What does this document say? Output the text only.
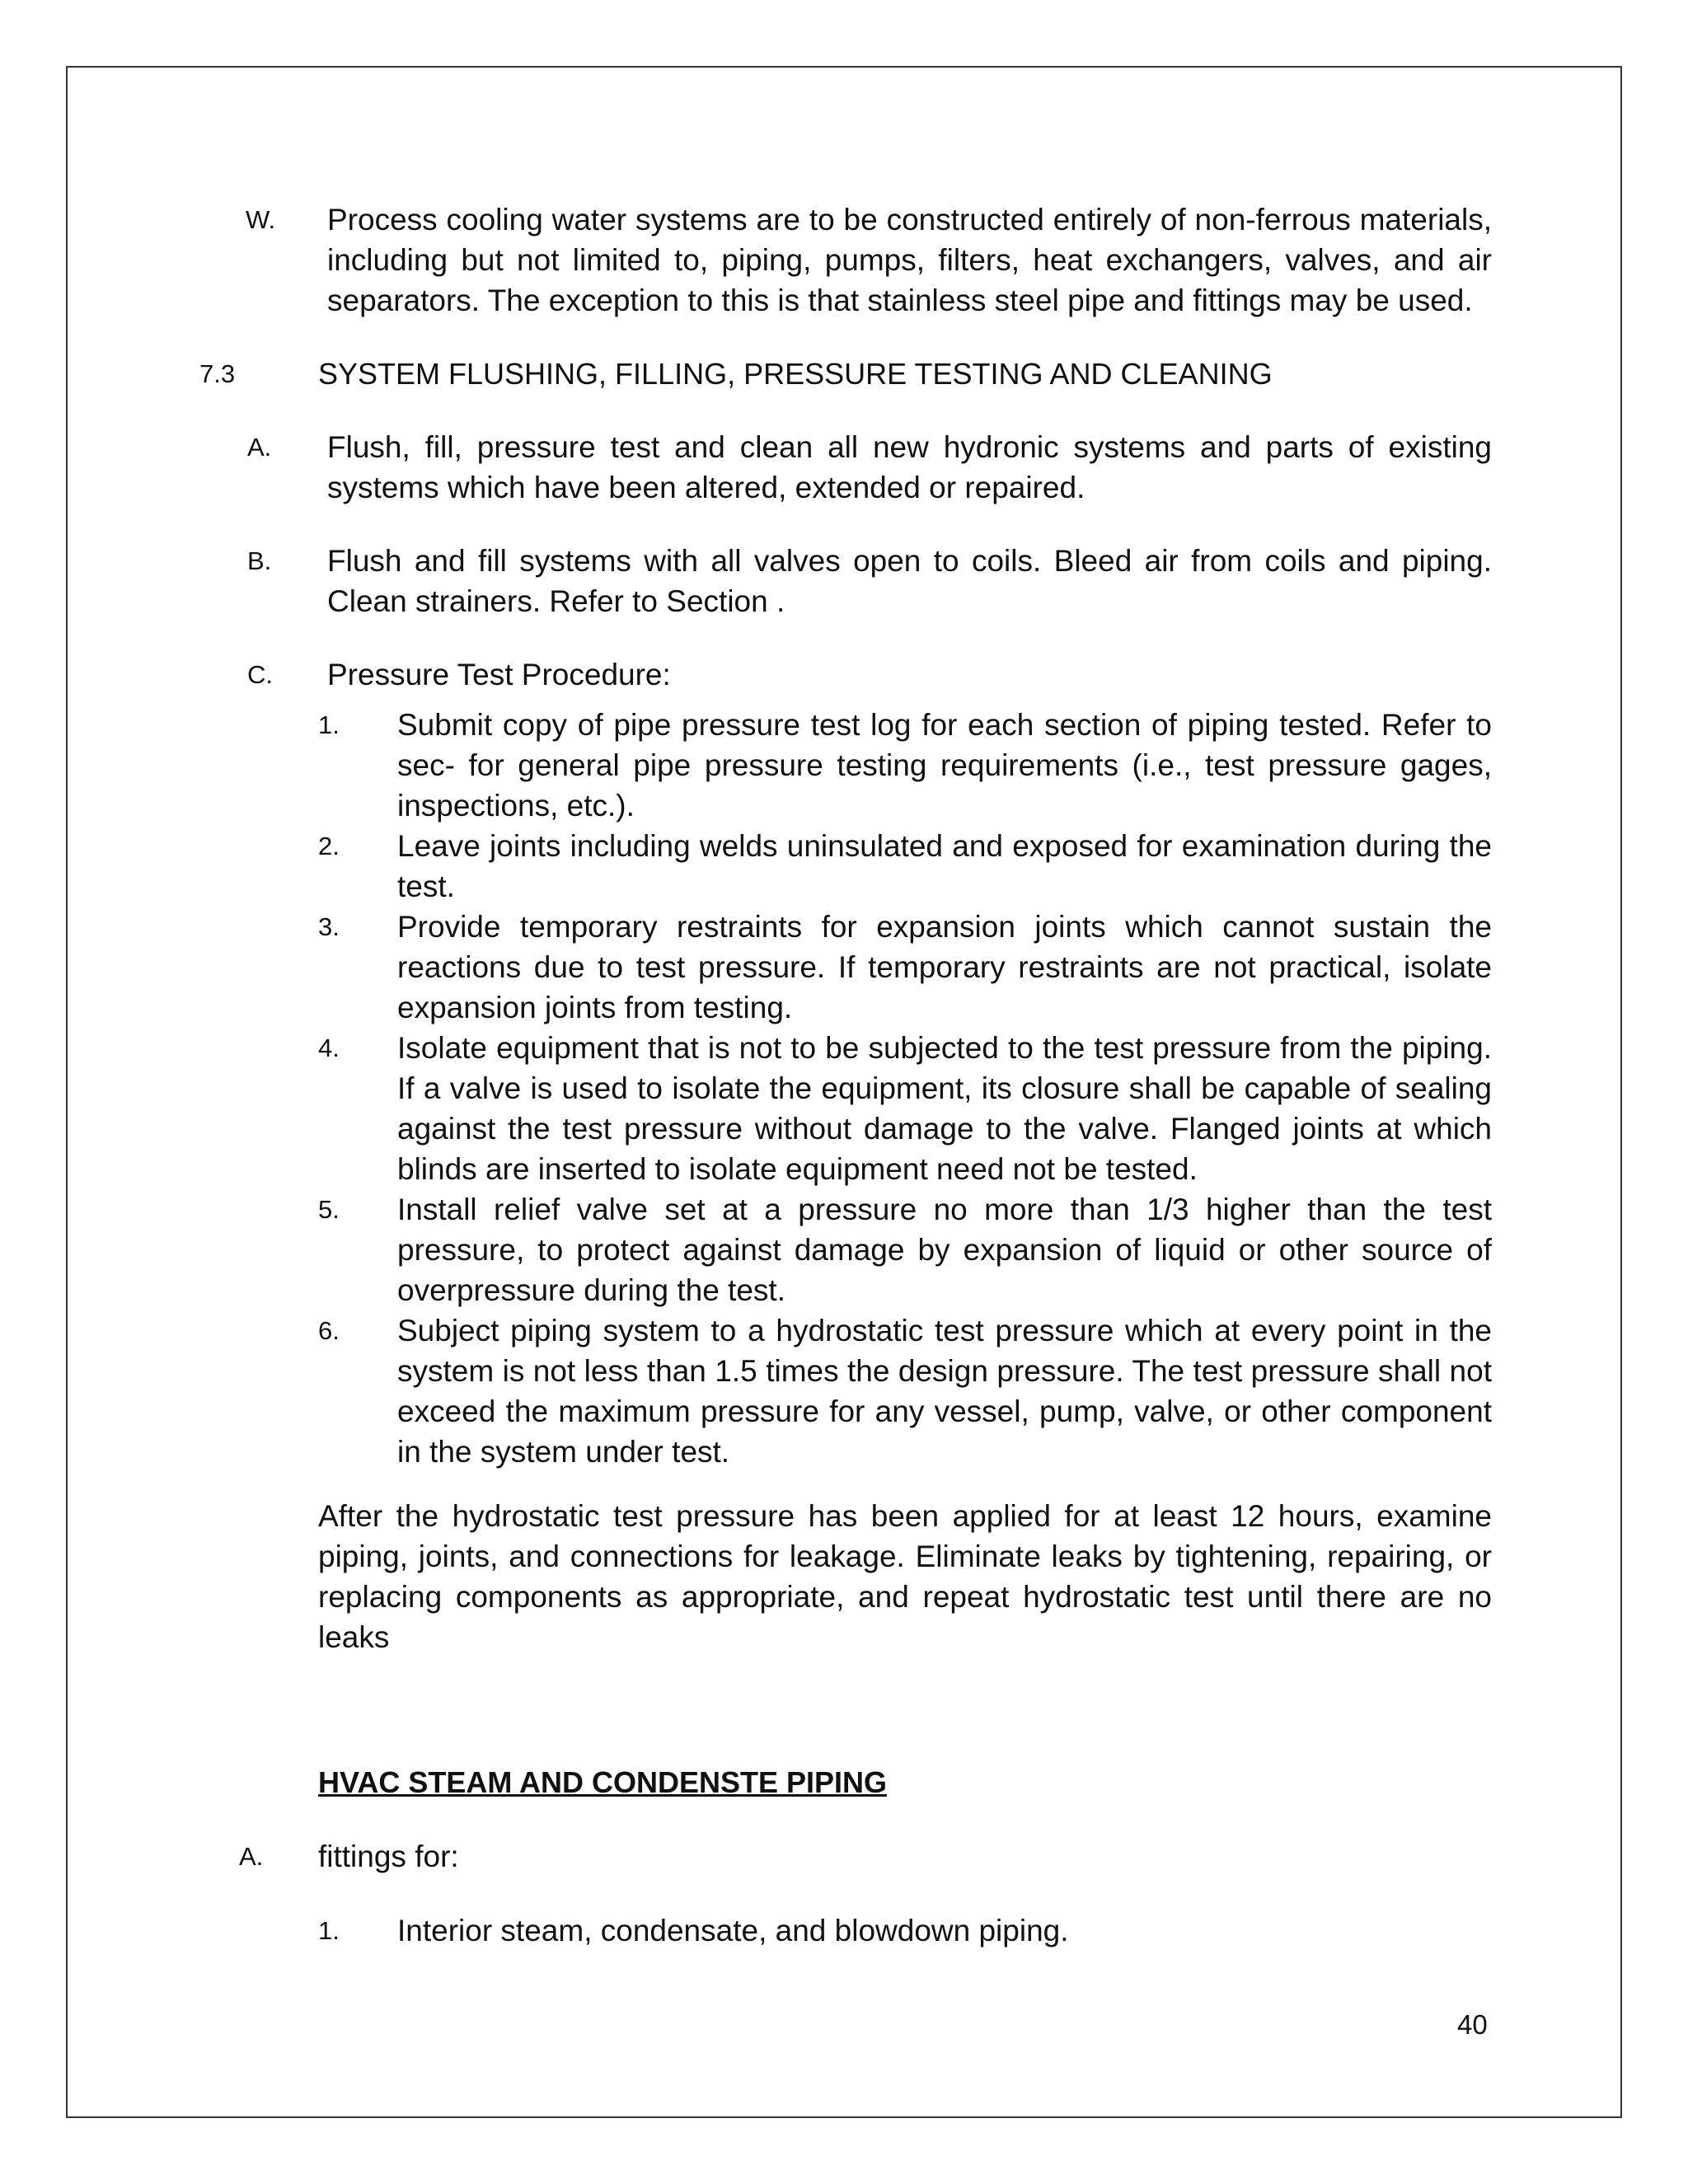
W. Process cooling water systems are to be constructed entirely of non-ferrous materials, including but not limited to, piping, pumps, filters, heat exchangers, valves, and air separators. The exception to this is that stainless steel pipe and fittings may be used.

7.3	SYSTEM FLUSHING, FILLING, PRESSURE TESTING AND CLEANING
A. Flush, fill, pressure test and clean all new hydronic systems and parts of existing systems which have been altered, extended or repaired.

B. Flush and fill systems with all valves open to coils. Bleed air from coils and piping. Clean strainers. Refer to Section .

C. Pressure Test Procedure:

1. Submit copy of pipe pressure test log for each section of piping tested. Refer to sec- for general pipe pressure testing requirements (i.e., test pressure gages, inspections, etc.).

2. Leave joints including welds uninsulated and exposed for examination during the test.

3. Provide temporary restraints for expansion joints which cannot sustain the reactions due to test pressure. If temporary restraints are not practical, isolate expansion joints from testing.

4. Isolate equipment that is not to be subjected to the test pressure from the piping. If a valve is used to isolate the equipment, its closure shall be capable of sealing against the test pressure without damage to the valve. Flanged joints at which blinds are inserted to isolate equipment need not be tested.

5. Install relief valve set at a pressure no more than 1/3 higher than the test pressure, to protect against damage by expansion of liquid or other source of overpressure during the test.

6. Subject piping system to a hydrostatic test pressure which at every point in the system is not less than 1.5 times the design pressure. The test pressure shall not exceed the maximum pressure for any vessel, pump, valve, or other component in the system under test.

After the hydrostatic test pressure has been applied for at least 12 hours, examine piping, joints, and connections for leakage. Eliminate leaks by tightening, repairing, or replacing components as appropriate, and repeat hydrostatic test until there are no leaks

HVAC STEAM AND CONDENSTE PIPING
A. fittings for:

1. Interior steam, condensate, and blowdown piping.

40
